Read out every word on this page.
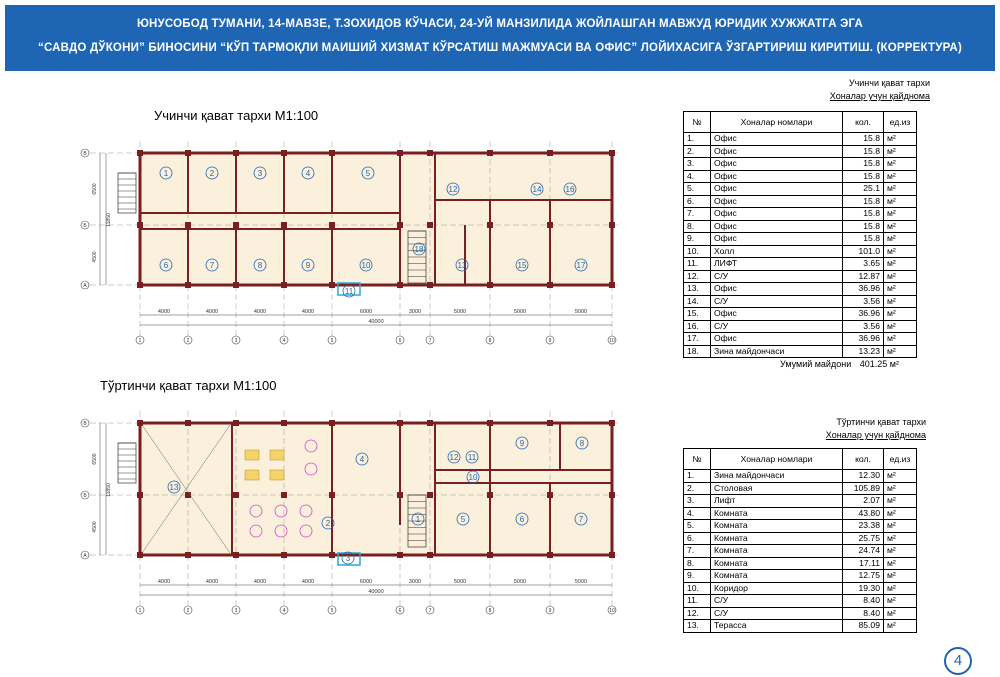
ЮНУСОБОД ТУМАНИ, 14-МАВЗЕ, Т.ЗОХИДОВ КЎЧАСИ, 24-УЙ МАНЗИЛИДА ЖОЙЛАШГАН МАВЖУД ЮРИДИК ХУЖЖАТГА ЭГА
“САВДО ДЎКОНИ” БИНОСИНИ “КЎП ТАРМОҚЛИ МАИШИЙ ХИЗМАТ КЎРСАТИШ МАЖМУАСИ ВА ОФИС” ЛОЙИХАСИГА ЎЗГАРТИРИШ КИРИТИШ. (КОРРЕКТУРА)
Учинчи қават тархи М1:100
1	2	3	4	5
6	7	8	9	10
11
12
13
14
15
16
17
18
4000	4000	4000	4000	6000	3000	5000	5000	5000
40000
1	2	3	4	5	6	7	8	9	10
В
Б
А
6500
11850
4500
Учинчи қават тархи
Хоналар учун қайднома
№	Хоналар номлари	кол.	ед.из
1.	Офис	15.8	м²
2.	Офис	15.8	м²
3.	Офис	15.8	м²
4.	Офис	15.8	м²
5.	Офис	25.1	м²
6.	Офис	15.8	м²
7.	Офис	15.8	м²
8.	Офис	15.8	м²
9.	Офис	15.8	м²
10.	Холл	101.0	м²
11.	ЛИФТ	3.65	м²
12.	С/У	12.87	м²
13.	Офис	36.96	м²
14.	С/У	3.56	м²
15.	Офис	36.96	м²
16.	С/У	3.56	м²
17.	Офис	36.96	м²
18.	Зина майдончаси	13.23	м²
Умумий майдони 401.25 м²
Тўртинчи қават тархи М1:100
1
2
3
4
5	6	7
8
9
10
11
12
13
4000	4000	4000	4000	6000	3000	5000	5000	5000
40000
1	2	3	4	5	6	7	8	9	10
В
Б
А
6500
11850
4500
Тўртинчи қават тархи
Хоналар учун қайднома
№	Хоналар номлари	кол.	ед.из
1.	Зина майдончаси	12.30	м²
2.	Столовая	105.89	м²
3.	Лифт	2.07	м²
4.	Комната	43.80	м²
5.	Комната	23.38	м²
6.	Комната	25.75	м²
7.	Комната	24.74	м²
8.	Комната	17.11	м²
9.	Комната	12.75	м²
10.	Коридор	19.30	м²
11.	С/У	8.40	м²
12.	С/У	8.40	м²
13.	Терасса	85.09	м²
4
